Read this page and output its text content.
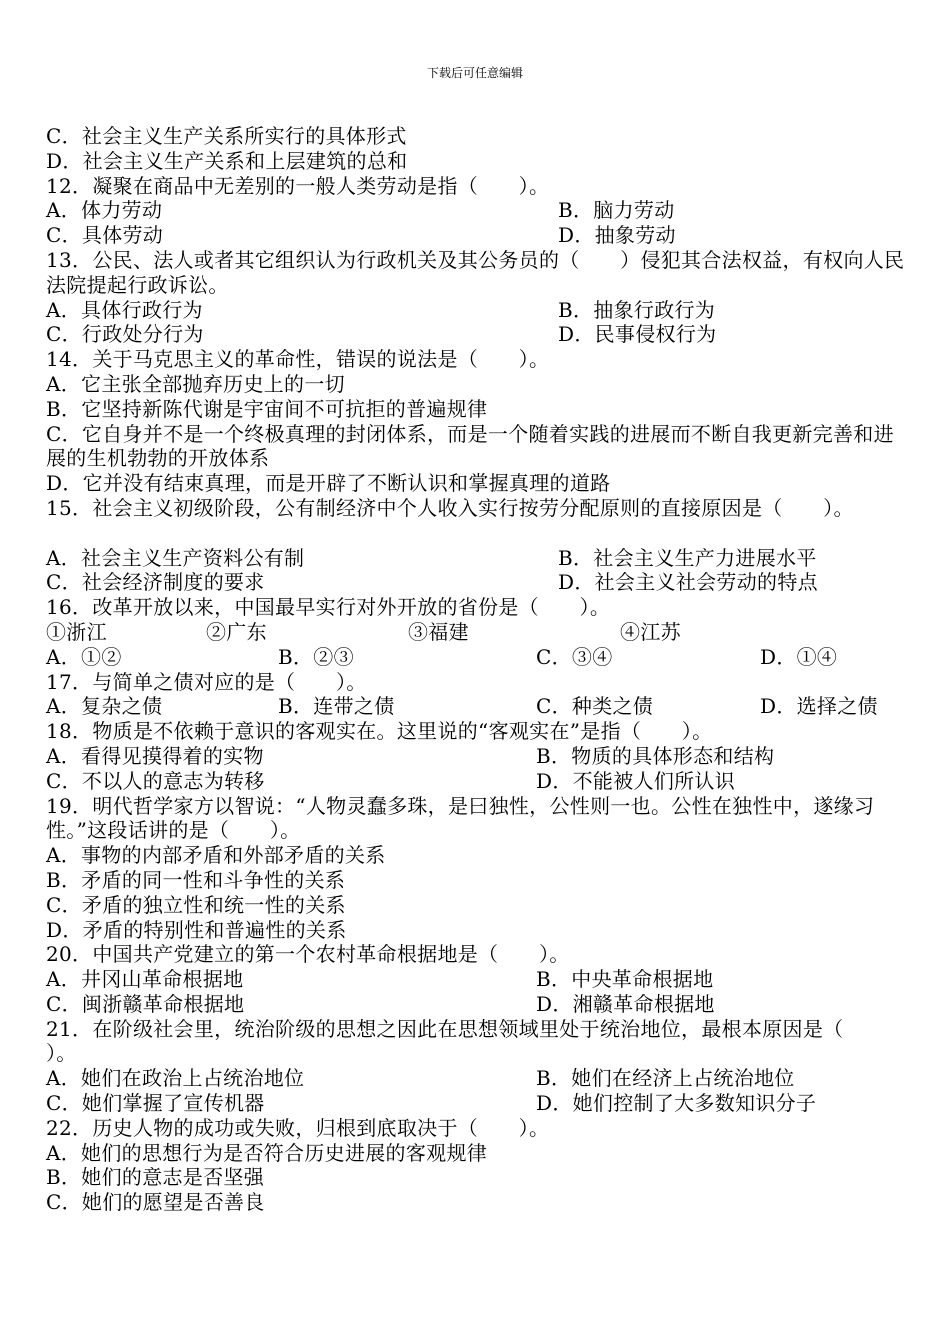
下载后可任意编辑
C．社会主义生产关系所实行的具体形式
D．社会主义生产关系和上层建筑的总和
12．凝聚在商品中无差别的一般人类劳动是指（　　）。
A．体力劳动	B．脑力劳动
C．具体劳动	D．抽象劳动
13．公民、法人或者其它组织认为行政机关及其公务员的（　　）侵犯其合法权益，有权向人民法院提起行政诉讼。
A．具体行政行为	B．抽象行政行为
C．行政处分行为	D．民事侵权行为
14．关于马克思主义的革命性，错误的说法是（　　）。
A．它主张全部抛弃历史上的一切
B．它坚持新陈代谢是宇宙间不可抗拒的普遍规律
C．它自身并不是一个终极真理的封闭体系，而是一个随着实践的进展而不断自我更新完善和进展的生机勃勃的开放体系
D．它并没有结束真理，而是开辟了不断认识和掌握真理的道路
15．社会主义初级阶段，公有制经济中个人收入实行按劳分配原则的直接原因是（　　）。
A．社会主义生产资料公有制	B．社会主义生产力进展水平
C．社会经济制度的要求	D．社会主义社会劳动的特点
16．改革开放以来，中国最早实行对外开放的省份是（　　）。
①浙江	②广东	③福建	④江苏
A．①②	B．②③	C．③④	D．①④
17．与简单之债对应的是（　　）。
A．复杂之债	B．连带之债	C．种类之债	D．选择之债
18．物质是不依赖于意识的客观实在。这里说的“客观实在”是指（　　）。
A．看得见摸得着的实物	B．物质的具体形态和结构
C．不以人的意志为转移	D．不能被人们所认识
19．明代哲学家方以智说：“人物灵蠢多珠，是曰独性，公性则一也。公性在独性中，遂缘习性。”这段话讲的是（　　）。
A．事物的内部矛盾和外部矛盾的关系
B．矛盾的同一性和斗争性的关系
C．矛盾的独立性和统一性的关系
D．矛盾的特别性和普遍性的关系
20．中国共产党建立的第一个农村革命根据地是（　　）。
A．井冈山革命根据地	B．中央革命根据地
C．闽浙赣革命根据地	D．湘赣革命根据地
21．在阶级社会里，统治阶级的思想之因此在思想领域里处于统治地位，最根本原因是（　　）。
A．她们在政治上占统治地位	B．她们在经济上占统治地位
C．她们掌握了宣传机器	D．她们控制了大多数知识分子
22．历史人物的成功或失败，归根到底取决于（　　）。
A．她们的思想行为是否符合历史进展的客观规律
B．她们的意志是否坚强
C．她们的愿望是否善良
